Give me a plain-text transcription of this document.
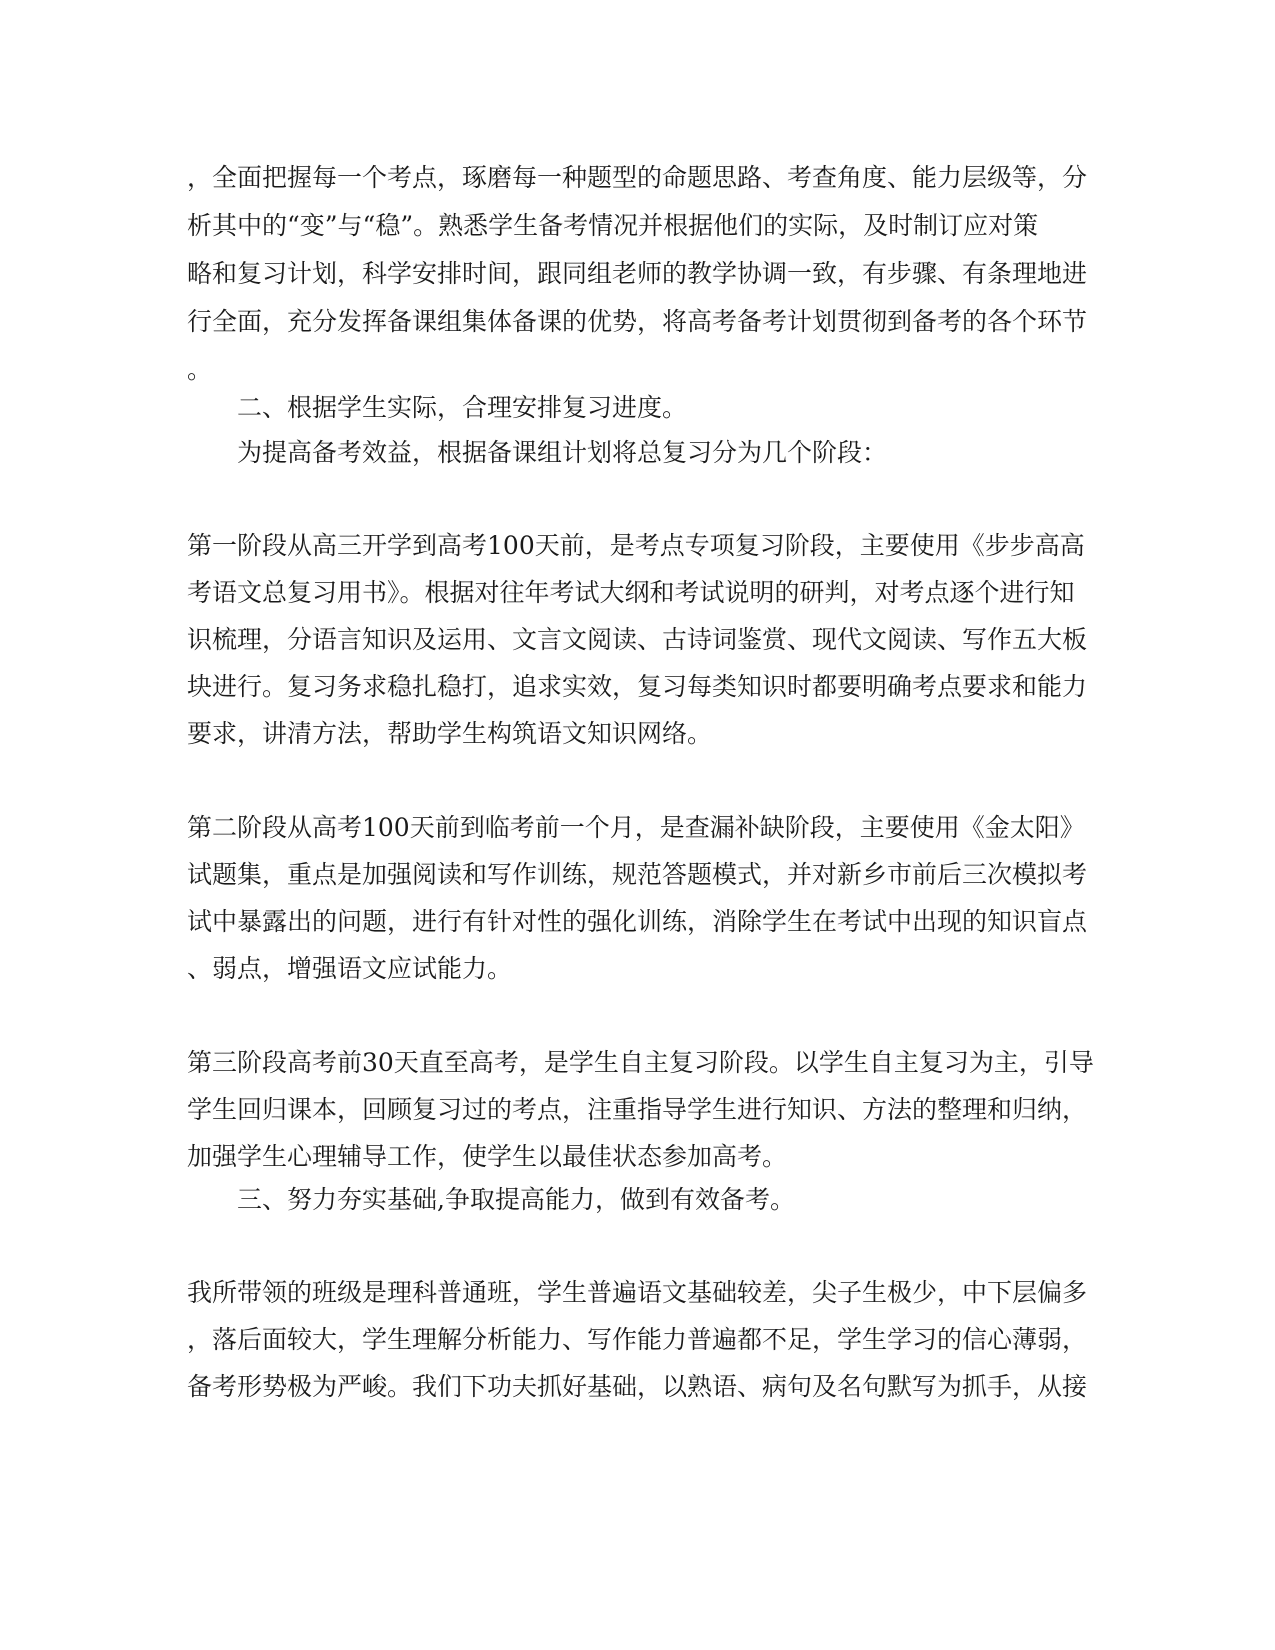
，全面把握每一个考点，琢磨每一种题型的命题思路、考查角度、能力层级等，分
析其中的“变”与“稳”。熟悉学生备考情况并根据他们的实际，及时制订应对策
略和复习计划，科学安排时间，跟同组老师的教学协调一致，有步骤、有条理地进
行全面，充分发挥备课组集体备课的优势，将高考备考计划贯彻到备考的各个环节
。
二、根据学生实际，合理安排复习进度。
为提高备考效益，根据备课组计划将总复习分为几个阶段：
第一阶段从高三开学到高考100天前，是考点专项复习阶段，主要使用《步步高高
考语文总复习用书》。根据对往年考试大纲和考试说明的研判，对考点逐个进行知
识梳理，分语言知识及运用、文言文阅读、古诗词鉴赏、现代文阅读、写作五大板
块进行。复习务求稳扎稳打，追求实效，复习每类知识时都要明确考点要求和能力
要求，讲清方法，帮助学生构筑语文知识网络。
第二阶段从高考100天前到临考前一个月，是查漏补缺阶段，主要使用《金太阳》
试题集，重点是加强阅读和写作训练，规范答题模式，并对新乡市前后三次模拟考
试中暴露出的问题，进行有针对性的强化训练，消除学生在考试中出现的知识盲点
、弱点，增强语文应试能力。
第三阶段高考前30天直至高考，是学生自主复习阶段。以学生自主复习为主，引导
学生回归课本，回顾复习过的考点，注重指导学生进行知识、方法的整理和归纳，
加强学生心理辅导工作，使学生以最佳状态参加高考。
三、努力夯实基础,争取提高能力，做到有效备考。
我所带领的班级是理科普通班，学生普遍语文基础较差，尖子生极少，中下层偏多
，落后面较大，学生理解分析能力、写作能力普遍都不足，学生学习的信心薄弱，
备考形势极为严峻。我们下功夫抓好基础，以熟语、病句及名句默写为抓手，从接
